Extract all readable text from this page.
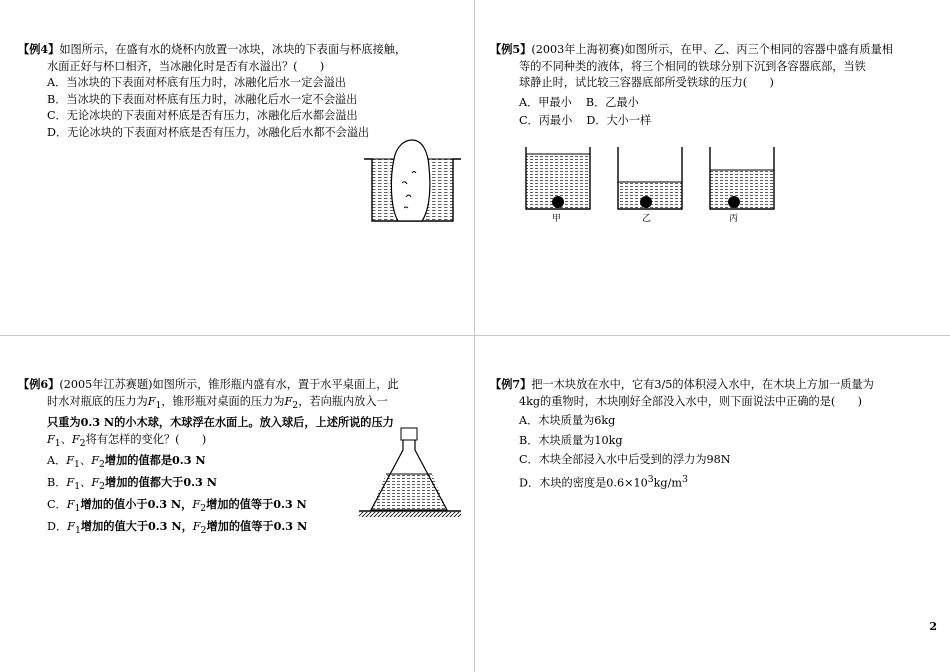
【例4】如图所示，在盛有水的烧杯内放置一冰块，冰块的下表面与杯底接触，

水面正好与杯口相齐，当冰融化时是否有水溢出？(　　)

A．当冰块的下表面对杯底有压力时，冰融化后水一定会溢出

B．当冰块的下表面对杯底有压力时，冰融化后水一定不会溢出

C．无论冰块的下表面对杯底是否有压力，冰融化后水都会溢出

D．无论冰块的下表面对杯底是否有压力，冰融化后水都不会溢出

【例5】(2003年上海初赛)如图所示，在甲、乙、丙三个相同的容器中盛有质量相

等的不同种类的液体，将三个相同的铁球分别下沉到各容器底部，当铁

球静止时，试比较三容器底部所受铁球的压力(　　)

A．甲最小 B．乙最小

C．丙最小 D．大小一样

甲	乙	丙

【例6】(2005年江苏赛题)如图所示，锥形瓶内盛有水，置于水平桌面上，此

时水对瓶底的压力为$F_1$，锥形瓶对桌面的压力为$F_2$，若向瓶内放入一

只重为0.3 N的小木球，木球浮在水面上。放入球后，上述所说的压力

$F_1$、$F_2$将有怎样的变化？(　　)

A．$F_1$、$F_2$增加的值都是0.3 N

B．$F_1$、$F_2$增加的值都大于0.3 N

C．$F_1$增加的值小于0.3 N，$F_2$增加的值等于0.3 N

D．$F_1$增加的值大于0.3 N，$F_2$增加的值等于0.3 N

【例7】把一木块放在水中，它有3/5的体积浸入水中，在木块上方加一质量为

4kg的重物时，木块刚好全部没入水中，则下面说法中正确的是(　　)

A．木块质量为6kg

B．木块质量为10kg

C．木块全部浸入水中后受到的浮力为98N

D．木块的密度是$0.6\times 10^3kg/m^3$

2
